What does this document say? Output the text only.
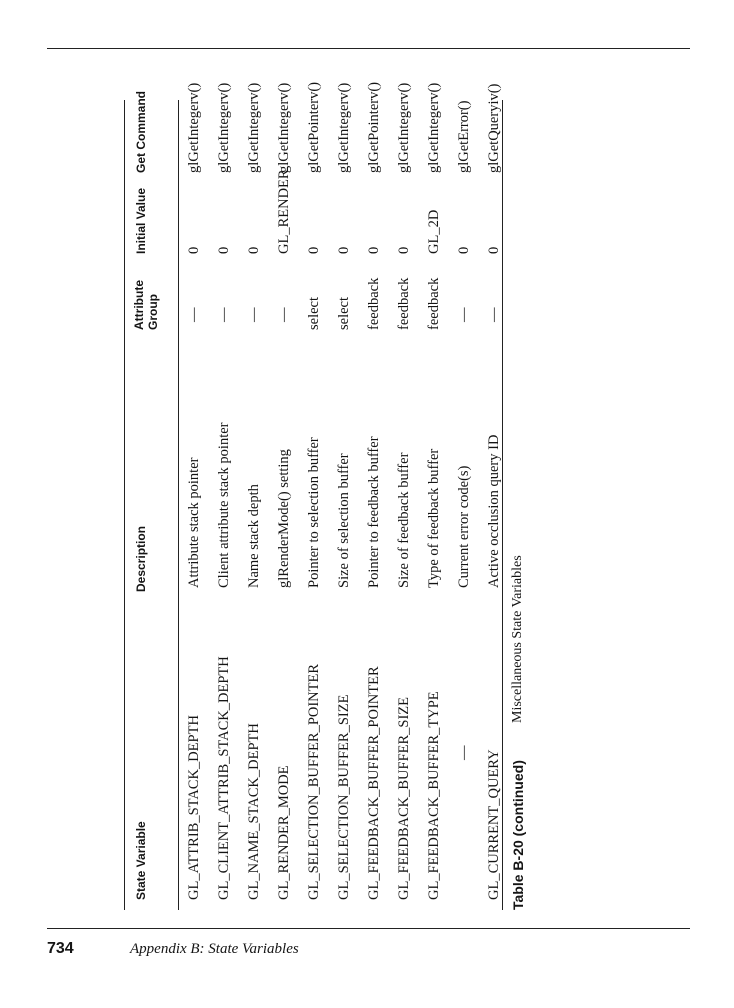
State Variable
Description
Attribute Group
Initial Value
Get Command
GL_ATTRIB_STACK_DEPTH
Attribute stack pointer
—
0
glGetIntegerv()
GL_CLIENT_ATTRIB_STACK_DEPTH
Client attribute stack pointer
—
0
glGetIntegerv()
GL_NAME_STACK_DEPTH
Name stack depth
—
0
glGetIntegerv()
GL_RENDER_MODE
glRenderMode() setting
—
GL_RENDER
glGetIntegerv()
GL_SELECTION_BUFFER_POINTER
Pointer to selection buffer
select
0
glGetPointerv()
GL_SELECTION_BUFFER_SIZE
Size of selection buffer
select
0
glGetIntegerv()
GL_FEEDBACK_BUFFER_POINTER
Pointer to feedback buffer
feedback
0
glGetPointerv()
GL_FEEDBACK_BUFFER_SIZE
Size of feedback buffer
feedback
0
glGetIntegerv()
GL_FEEDBACK_BUFFER_TYPE
Type of feedback buffer
feedback
GL_2D
glGetIntegerv()
—
Current error code(s)
—
0
glGetError()
GL_CURRENT_QUERY
Active occlusion query ID
—
0
glGetQueryiv()
Table B-20 (continued)
Miscellaneous State Variables
734	Appendix B: State Variables
